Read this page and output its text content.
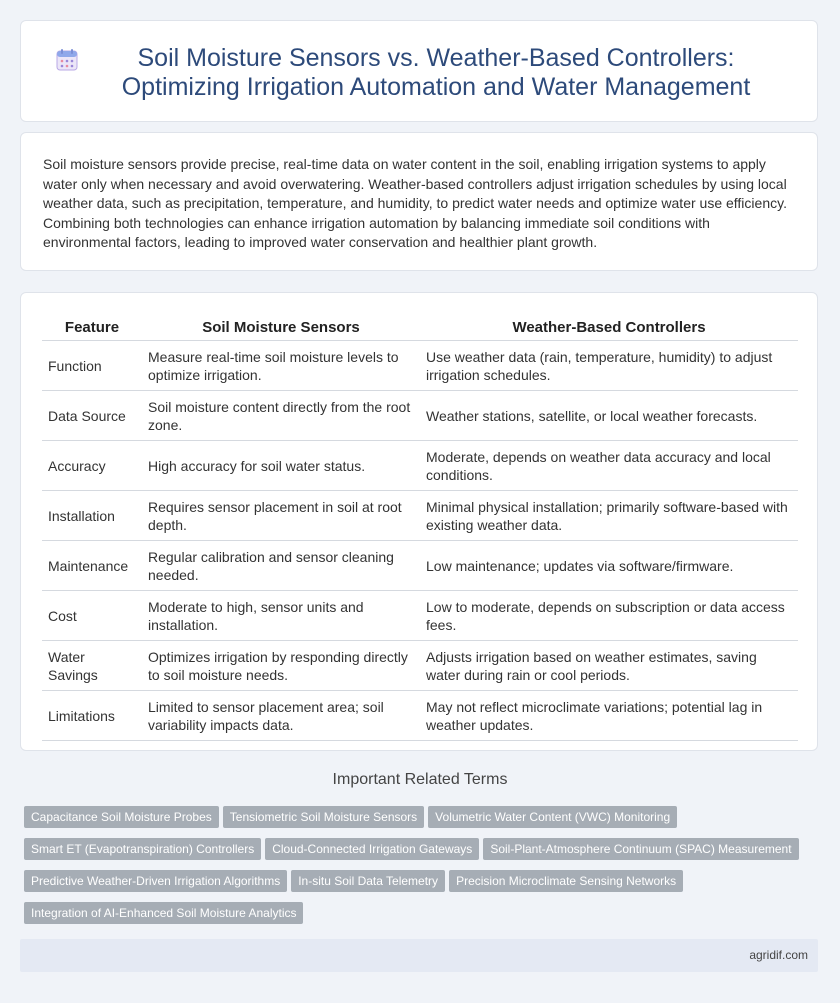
Soil Moisture Sensors vs. Weather-Based Controllers: Optimizing Irrigation Automation and Water Management

Soil moisture sensors provide precise, real-time data on water content in the soil, enabling irrigation systems to apply water only when necessary and avoid overwatering. Weather-based controllers adjust irrigation schedules by using local weather data, such as precipitation, temperature, and humidity, to predict water needs and optimize water use efficiency. Combining both technologies can enhance irrigation automation by balancing immediate soil conditions with environmental factors, leading to improved water conservation and healthier plant growth.

Feature	Soil Moisture Sensors	Weather-Based Controllers
Function	Measure real-time soil moisture levels to optimize irrigation.	Use weather data (rain, temperature, humidity) to adjust irrigation schedules.
Data Source	Soil moisture content directly from the root zone.	Weather stations, satellite, or local weather forecasts.
Accuracy	High accuracy for soil water status.	Moderate, depends on weather data accuracy and local conditions.
Installation	Requires sensor placement in soil at root depth.	Minimal physical installation; primarily software-based with existing weather data.
Maintenance	Regular calibration and sensor cleaning needed.	Low maintenance; updates via software/firmware.
Cost	Moderate to high, sensor units and installation.	Low to moderate, depends on subscription or data access fees.
Water Savings	Optimizes irrigation by responding directly to soil moisture needs.	Adjusts irrigation based on weather estimates, saving water during rain or cool periods.
Limitations	Limited to sensor placement area; soil variability impacts data.	May not reflect microclimate variations; potential lag in weather updates.
Important Related Terms
Capacitance Soil Moisture Probes Tensiometric Soil Moisture Sensors Volumetric Water Content (VWC) Monitoring
Smart ET (Evapotranspiration) Controllers Cloud-Connected Irrigation Gateways Soil-Plant-Atmosphere Continuum (SPAC) Measurement
Predictive Weather-Driven Irrigation Algorithms In-situ Soil Data Telemetry Precision Microclimate Sensing Networks
Integration of AI-Enhanced Soil Moisture Analytics
agridif.com
